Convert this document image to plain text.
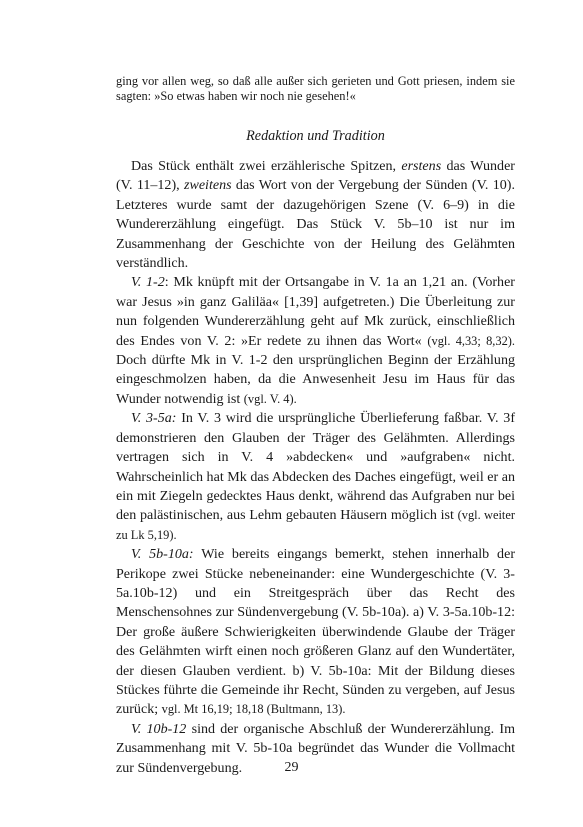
ging vor allen weg, so daß alle außer sich gerieten und Gott priesen, indem sie sagten: »So etwas haben wir noch nie gesehen!«

Redaktion und Tradition

Das Stück enthält zwei erzählerische Spitzen, erstens das Wunder (V. 11–12), zweitens das Wort von der Vergebung der Sünden (V. 10). Letzteres wurde samt der dazugehörigen Szene (V. 6–9) in die Wundererzählung eingefügt. Das Stück V. 5b–10 ist nur im Zusammenhang der Geschichte von der Heilung des Gelähmten verständlich.

V. 1-2: Mk knüpft mit der Ortsangabe in V. 1a an 1,21 an. (Vorher war Jesus »in ganz Galiläa« [1,39] aufgetreten.) Die Überleitung zur nun folgenden Wundererzählung geht auf Mk zurück, einschließlich des Endes von V. 2: »Er redete zu ihnen das Wort« (vgl. 4,33; 8,32). Doch dürfte Mk in V. 1-2 den ursprünglichen Beginn der Erzählung eingeschmolzen haben, da die Anwesenheit Jesu im Haus für das Wunder notwendig ist (vgl. V. 4).

V. 3-5a: In V. 3 wird die ursprüngliche Überlieferung faßbar. V. 3f demonstrieren den Glauben der Träger des Gelähmten. Allerdings vertragen sich in V. 4 »abdecken« und »aufgraben« nicht. Wahrscheinlich hat Mk das Abdecken des Daches eingefügt, weil er an ein mit Ziegeln gedecktes Haus denkt, während das Aufgraben nur bei den palästinischen, aus Lehm gebauten Häusern möglich ist (vgl. weiter zu Lk 5,19).

V. 5b-10a: Wie bereits eingangs bemerkt, stehen innerhalb der Perikope zwei Stücke nebeneinander: eine Wundergeschichte (V. 3-5a.10b-12) und ein Streitgespräch über das Recht des Menschensohnes zur Sündenvergebung (V. 5b-10a). a) V. 3-5a.10b-12: Der große äußere Schwierigkeiten überwindende Glaube der Träger des Gelähmten wirft einen noch größeren Glanz auf den Wundertäter, der diesen Glauben verdient. b) V. 5b-10a: Mit der Bildung dieses Stückes führte die Gemeinde ihr Recht, Sünden zu vergeben, auf Jesus zurück; vgl. Mt 16,19; 18,18 (Bultmann, 13).

V. 10b-12 sind der organische Abschluß der Wundererzählung. Im Zusammenhang mit V. 5b-10a begründet das Wunder die Vollmacht zur Sündenvergebung.	29
